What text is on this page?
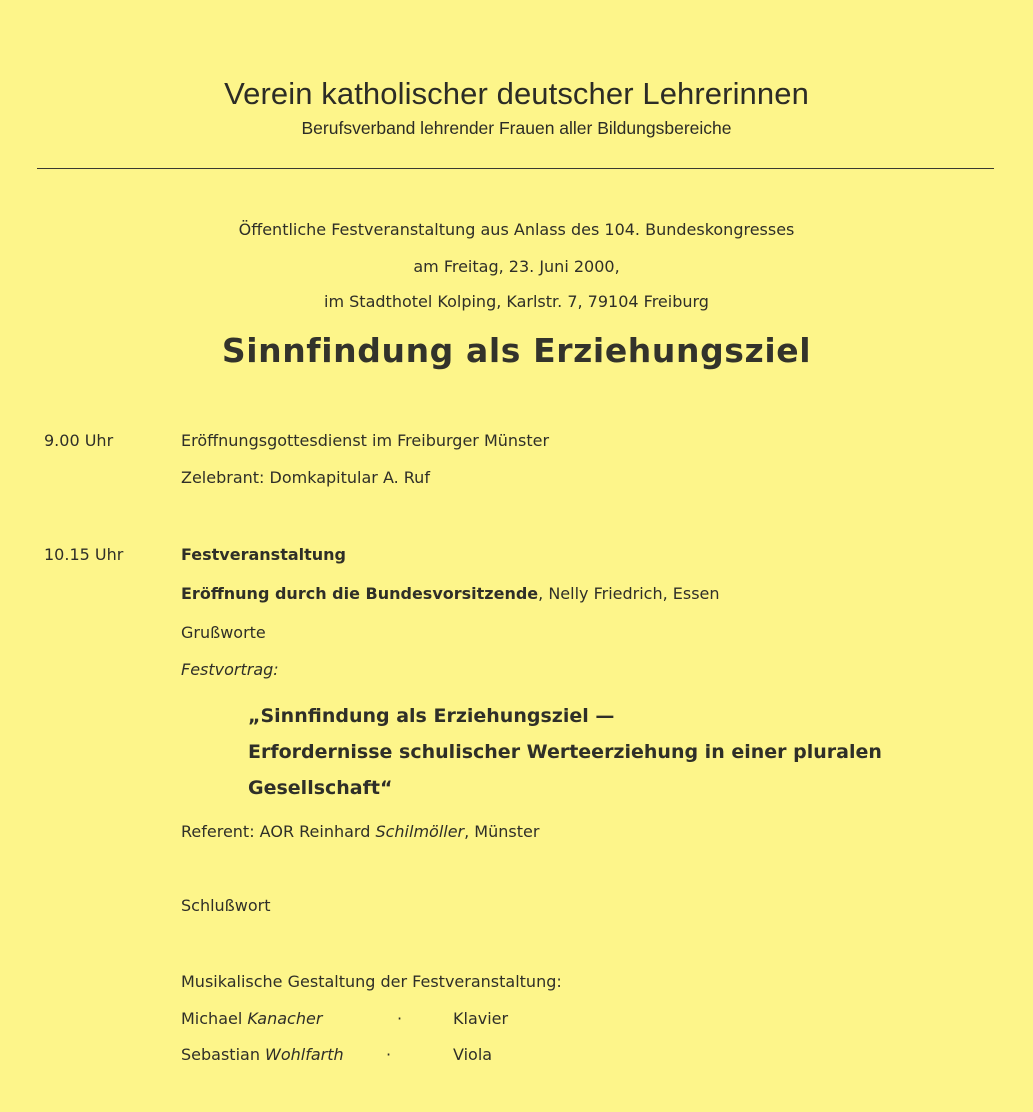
Verein katholischer deutscher Lehrerinnen
Berufsverband lehrender Frauen aller Bildungsbereiche
Öffentliche Festveranstaltung aus Anlass des 104. Bundeskongresses
am Freitag, 23. Juni 2000,
im Stadthotel Kolping, Karlstr. 7, 79104 Freiburg
Sinnfindung als Erziehungsziel
9.00 Uhr	Eröffnungsgottesdienst im Freiburger Münster
Zelebrant: Domkapitular A. Ruf
10.15 Uhr	Festveranstaltung
Eröffnung durch die Bundesvorsitzende, Nelly Friedrich, Essen
Grußworte
Festvortrag:
„Sinnfindung als Erziehungsziel —
Erfordernisse schulischer Werteerziehung in einer pluralen
Gesellschaft“
Referent: AOR Reinhard Schilmöller, Münster
Schlußwort
Musikalische Gestaltung der Festveranstaltung:
Michael Kanacher	·	Klavier
Sebastian Wohlfarth	·	Viola
